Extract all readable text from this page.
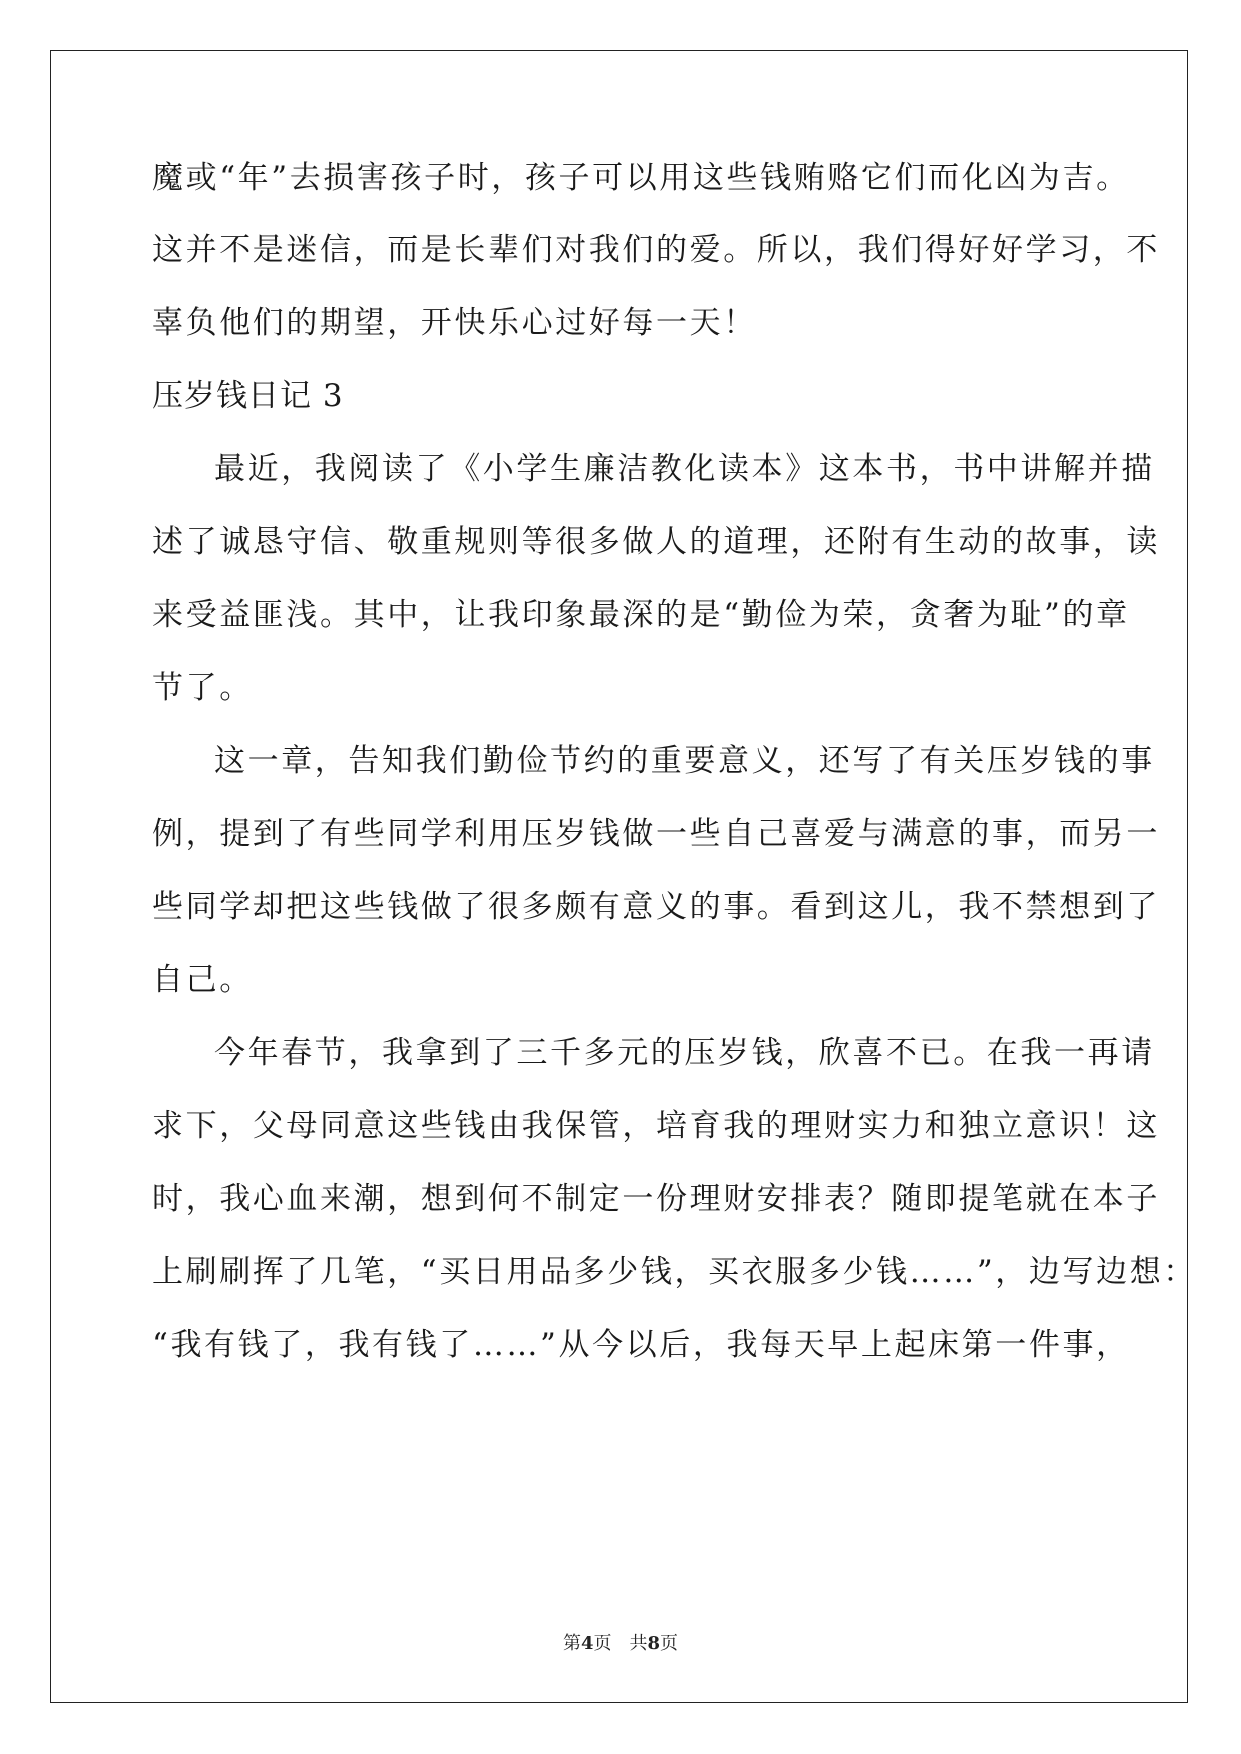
魔或“年”去损害孩子时，孩子可以用这些钱贿赂它们而化凶为吉。
这并不是迷信，而是长辈们对我们的爱。所以，我们得好好学习，不
辜负他们的期望，开快乐心过好每一天！
压岁钱日记 3
最近，我阅读了《小学生廉洁教化读本》这本书，书中讲解并描
述了诚恳守信、敬重规则等很多做人的道理，还附有生动的故事，读
来受益匪浅。其中，让我印象最深的是“勤俭为荣，贪奢为耻”的章
节了。
这一章，告知我们勤俭节约的重要意义，还写了有关压岁钱的事
例，提到了有些同学利用压岁钱做一些自己喜爱与满意的事，而另一
些同学却把这些钱做了很多颇有意义的事。看到这儿，我不禁想到了
自己。
今年春节，我拿到了三千多元的压岁钱，欣喜不已。在我一再请
求下，父母同意这些钱由我保管，培育我的理财实力和独立意识！这
时，我心血来潮，想到何不制定一份理财安排表？随即提笔就在本子
上刷刷挥了几笔，“买日用品多少钱，买衣服多少钱……”，边写边想：
“我有钱了，我有钱了……”从今以后，我每天早上起床第一件事，
第4页　共8页
